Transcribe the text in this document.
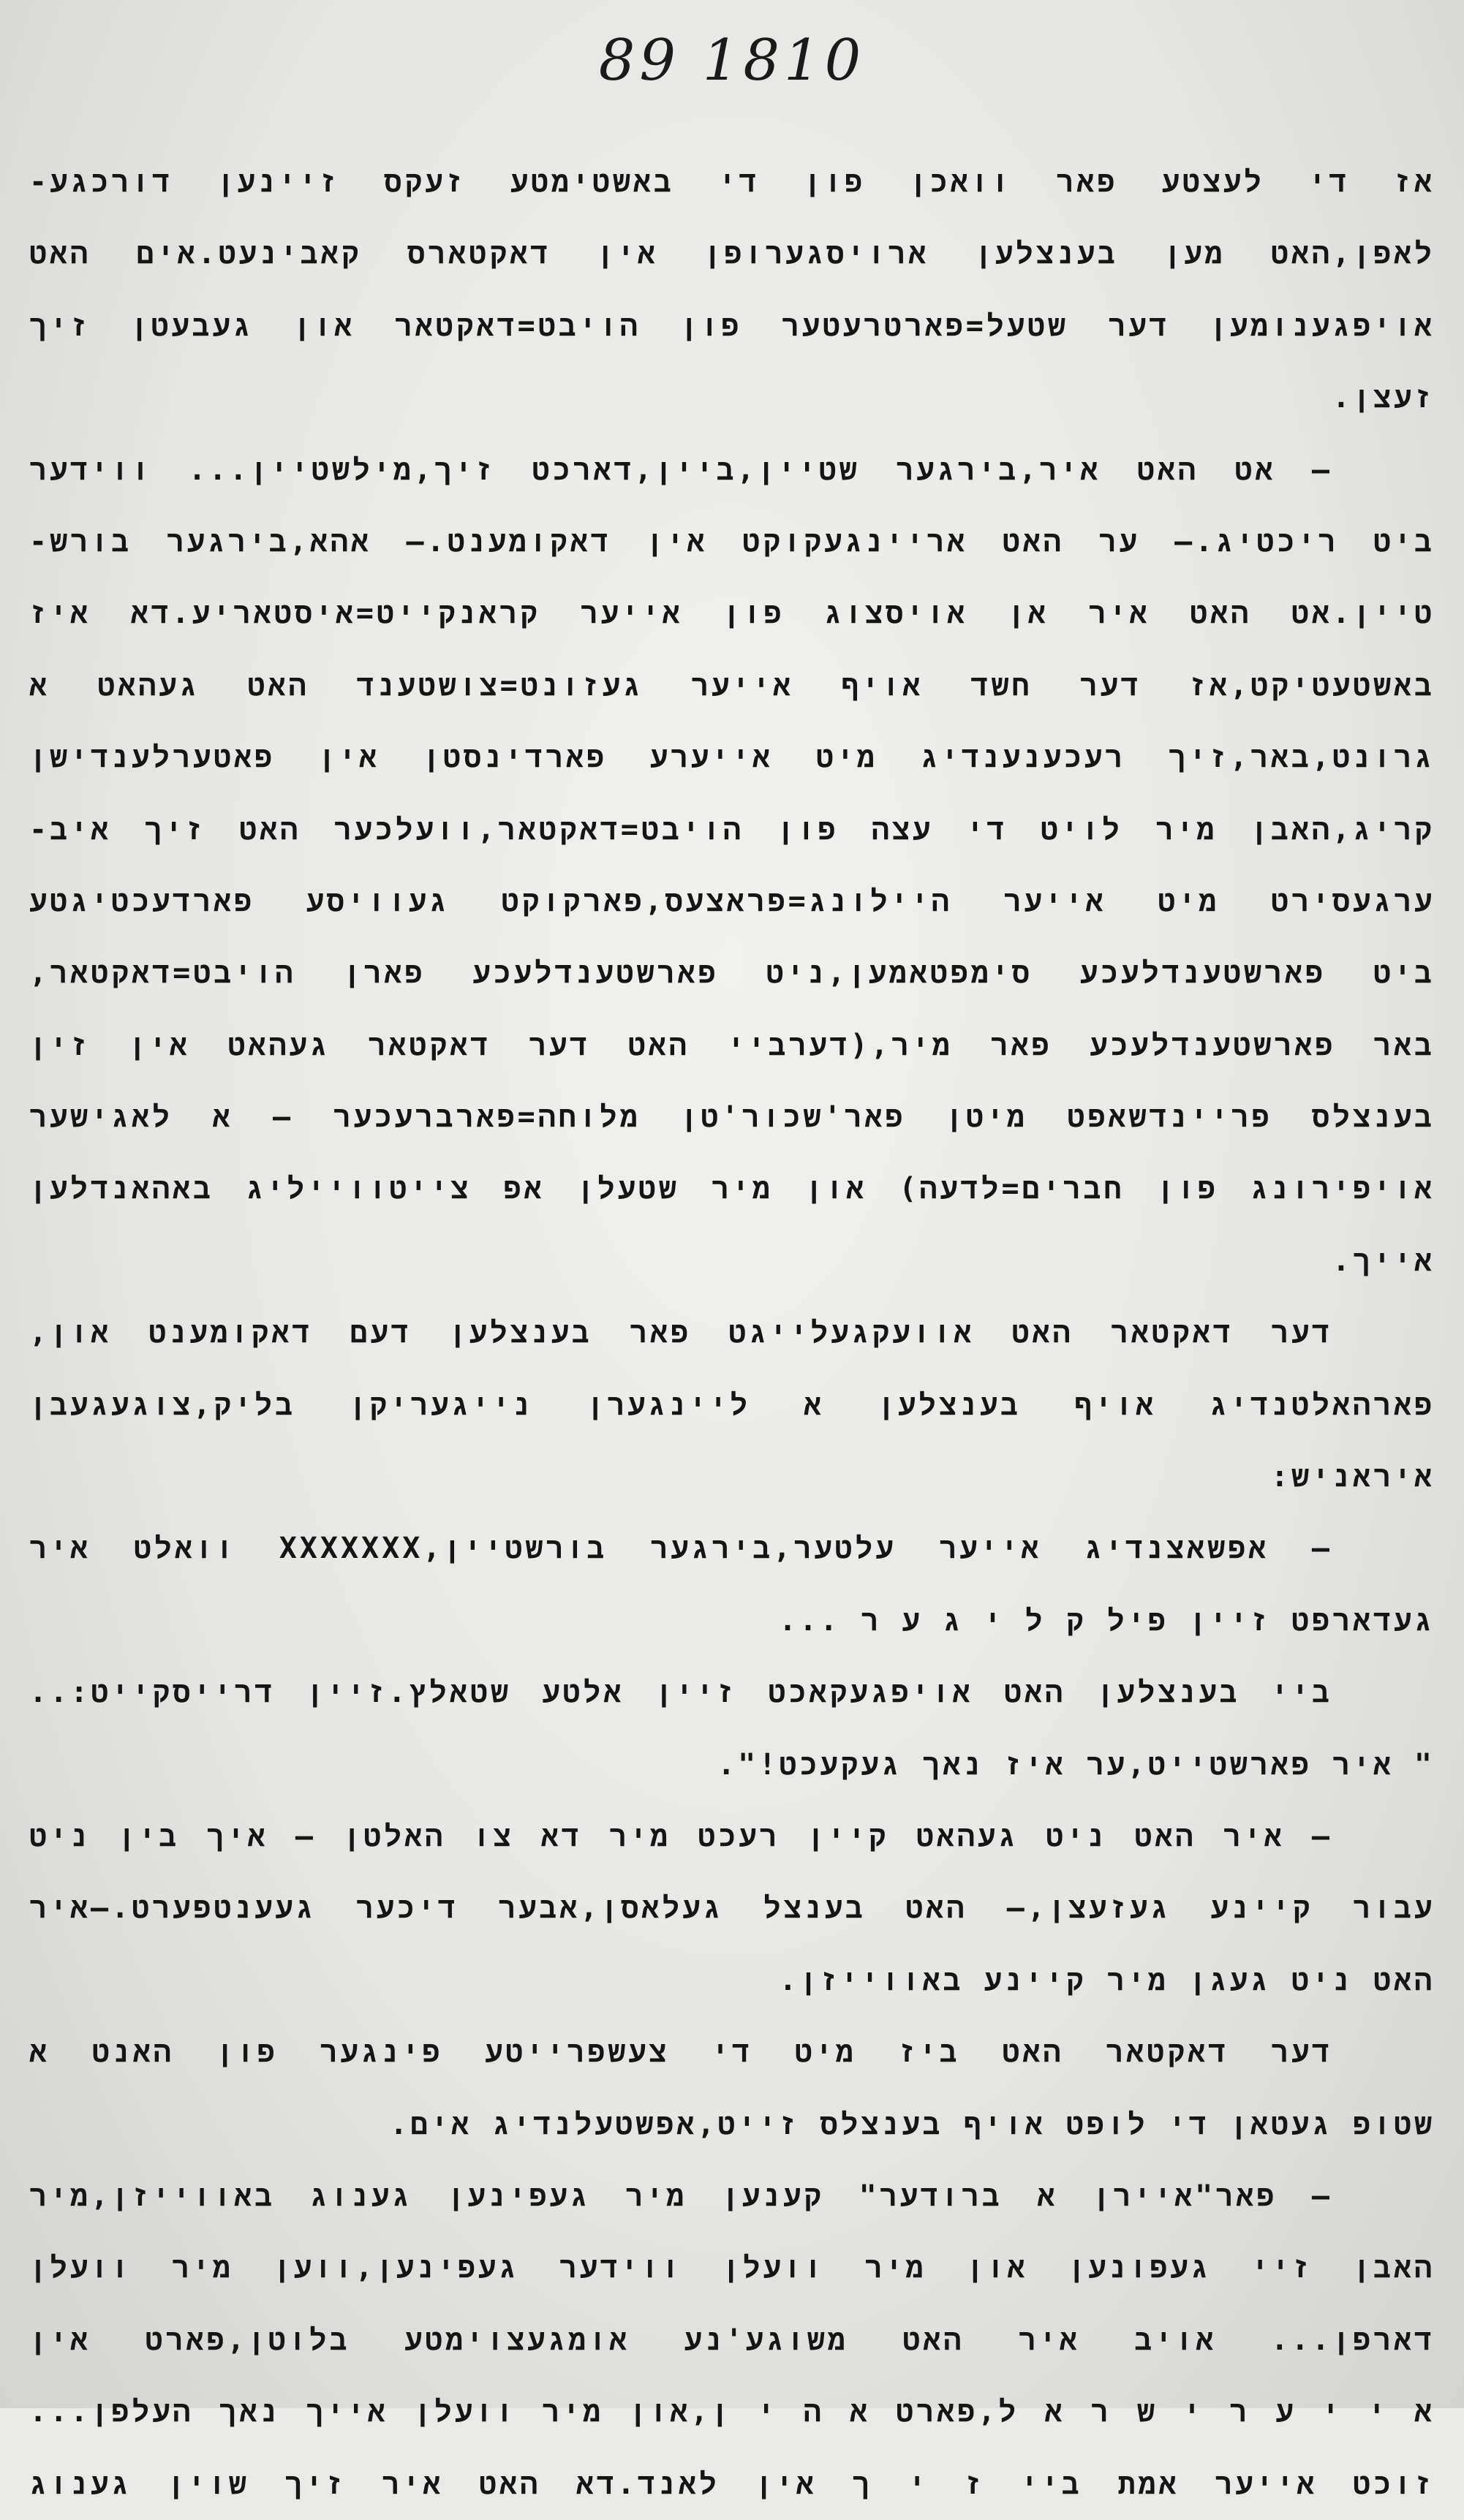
1810 89
אז די לעצטע פאר וואכן פון די באשטימטע זעקס זיינען דורכגע-
לאפן,האט מען בענצלען ארויסגערופן אין דאקטארס קאבינעט.אים האט
אויפגענומען דער שטעל=פארטרעטער פון הויבט=דאקטאר און געבעטן זיך
זעצן.
— אט האט איר,בירגער שטיין,ביין,דארכט זיך,מילשטיין... ווידער
ביט ריכטיג.— ער האט אריינגעקוקט אין דאקומענט.— אהא,בירגער בורש-
טיין.אט האט איר אן אויסצוג פון אייער קראנקייט=איסטאריע.דא איז
באשטעטיקט,אז דער חשד אויף אייער געזונט=צושטענד האט געהאט א
גרונט,באר,זיך רעכענענדיג מיט אייערע פארדינסטן אין פאטערלענדישן
קריג,האבן מיר לויט די עצה פון הויבט=דאקטאר,וועלכער האט זיך איב-
ערגעסירט מיט אייער היילונג=פראצעס,פארקוקט געוויסע פארדעכטיגטע
ביט פארשטענדלעכע סימפטאמען,ניט פארשטענדלעכע פארן הויבט=דאקטאר,
באר פארשטענדלעכע פאר מיר,(דערביי האט דער דאקטאר געהאט אין זין
בענצלס פריינדשאפט מיטן פאר'שכור'טן מלוחה=פארברעכער — א לאגישער
אויפירונג פון חברים=לדעה) און מיר שטעלן אפ צייטווייליג באהאנדלען
אייך.
דער דאקטאר האט אוועקגעלייגט פאר בענצלען דעם דאקומענט און,
פארהאלטנדיג אויף בענצלען א ליינגערן נייגעריקן בליק,צוגעגעבן
איראניש:
— אפשאצנדיג אייער עלטער,בירגער בורשטיין,XXXXXXX וואלט איר
געדארפט זיין פיל ק ל י ג ע ר ...
ביי בענצלען האט אויפגעקאכט זיין אלטע שטאלץ.זיין דרייסקייט:..
" איר פארשטייט,ער איז נאך געקעכט!".
— איר האט ניט געהאט קיין רעכט מיר דא צו האלטן — איך בין ניט
עבור קיינע געזעצן,— האט בענצל געלאסן,אבער דיכער געענטפערט.—איר
האט ניט געגן מיר קיינע באווייזן.
דער דאקטאר האט ביז מיט די צעשפרייטע פינגער פון האנט א
שטופ געטאן די לופט אויף בענצלס זייט,אפשטעלנדיג אים.
— פאר"איירן א ברודער" קענען מיר געפינען גענוג באווייזן,מיר
האבן זיי געפונען און מיר וועלן ווידער געפינען,ווען מיר וועלן
דארפן... אויב איר האט משוגע'נע אומגעצוימטע בלוטן,פארט אין
א י י ע ר י ש ר א ל,פארט א ה י ן,און מיר וועלן אייך נאך העלפן...
זוכט אייער אמת ביי ז י ך אין לאנד.דא האט איר זיך שוין גענוג
